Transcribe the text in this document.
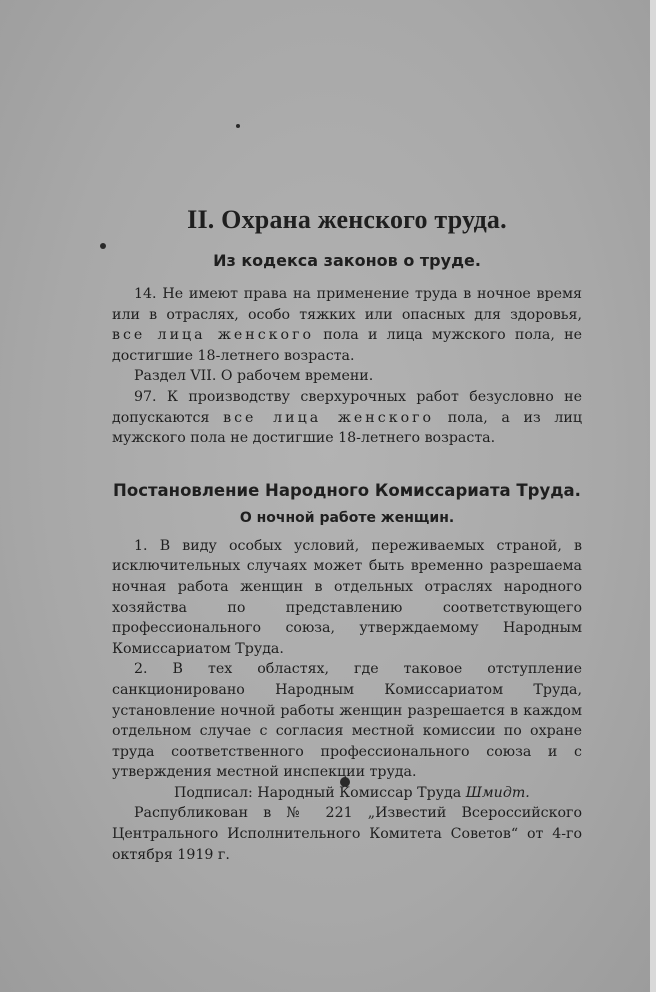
II. Охрана женского труда.
Из кодекса законов о труде.

14. Не имеют права на применение труда в ночное время или в отраслях, особо тяжких или опасных для здоровья, все лица женского пола и лица мужского пола, не достигшие 18-летнего возраста.

Раздел VII. О рабочем времени.

97. К производству сверхурочных работ безусловно не допускаются все лица женского пола, а из лиц мужского пола не достигшие 18-летнего возраста.

Постановление Народного Комиссариата Труда.
О ночной работе женщин.

1. В виду особых условий, переживаемых страной, в исключительных случаях может быть временно разрешаема ночная работа женщин в отдельных отраслях народного хозяйства по представлению соответствующего профессионального союза, утверждаемому Народным Комиссариатом Труда.

2. В тех областях, где таковое отступление санкционировано Народным Комиссариатом Труда, установление ночной работы женщин разрешается в каждом отдельном случае с согласия местной комиссии по охране труда соответственного профессионального союза и с утверждения местной инспекции труда.

Подписал: Народный Комиссар Труда Шмидт.

Распубликован в № 221 „Известий Всероссийского Центрального Исполнительного Комитета Советов“ от 4-го октября 1919 г.
